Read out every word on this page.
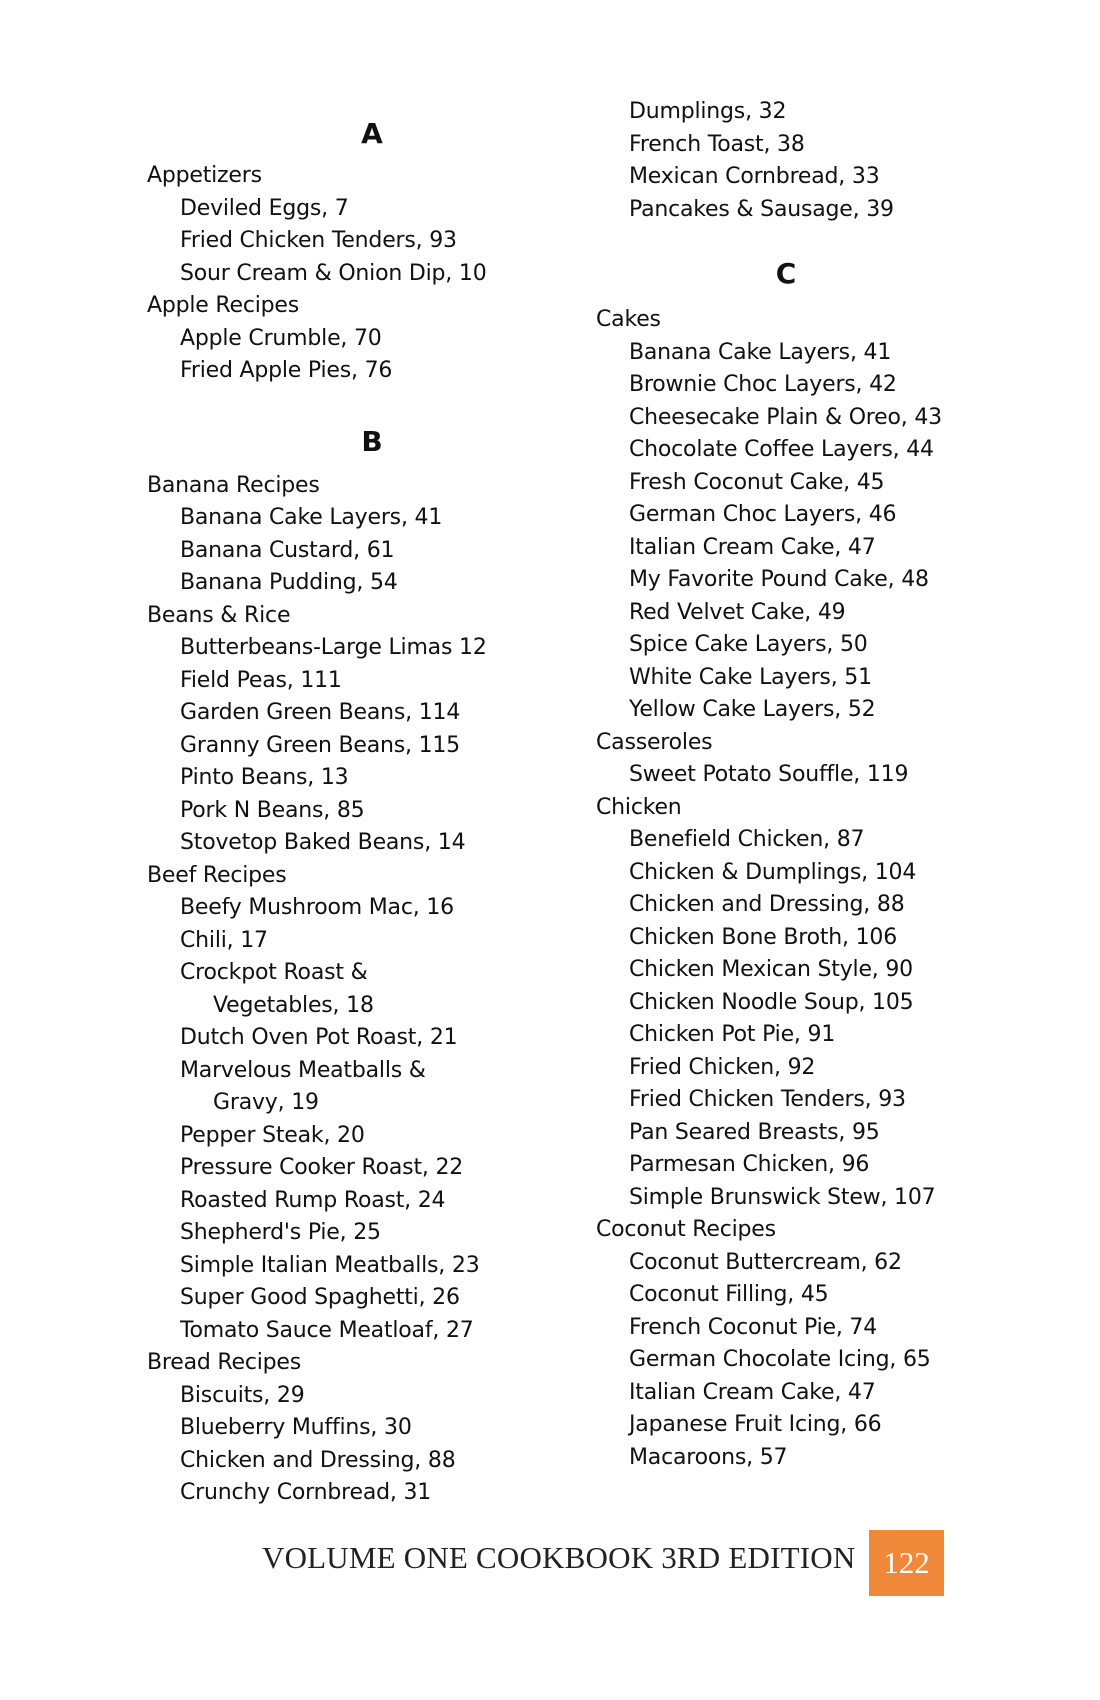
A
Appetizers
Deviled Eggs, 7
Fried Chicken Tenders, 93
Sour Cream & Onion Dip, 10
Apple Recipes
Apple Crumble, 70
Fried Apple Pies, 76
B
Banana Recipes
Banana Cake Layers, 41
Banana Custard, 61
Banana Pudding, 54
Beans & Rice
Butterbeans-Large Limas 12
Field Peas, 111
Garden Green Beans, 114
Granny Green Beans, 115
Pinto Beans, 13
Pork N Beans, 85
Stovetop Baked Beans, 14
Beef Recipes
Beefy Mushroom Mac, 16
Chili, 17
Crockpot Roast &
Vegetables, 18
Dutch Oven Pot Roast, 21
Marvelous Meatballs &
Gravy, 19
Pepper Steak, 20
Pressure Cooker Roast, 22
Roasted Rump Roast, 24
Shepherd's Pie, 25
Simple Italian Meatballs, 23
Super Good Spaghetti, 26
Tomato Sauce Meatloaf, 27
Bread Recipes
Biscuits, 29
Blueberry Muffins, 30
Chicken and Dressing, 88
Crunchy Cornbread, 31
Dumplings, 32
French Toast, 38
Mexican Cornbread, 33
Pancakes & Sausage, 39
C
Cakes
Banana Cake Layers, 41
Brownie Choc Layers, 42
Cheesecake Plain & Oreo, 43
Chocolate Coffee Layers, 44
Fresh Coconut Cake, 45
German Choc Layers, 46
Italian Cream Cake, 47
My Favorite Pound Cake, 48
Red Velvet Cake, 49
Spice Cake Layers, 50
White Cake Layers, 51
Yellow Cake Layers, 52
Casseroles
Sweet Potato Souffle, 119
Chicken
Benefield Chicken, 87
Chicken & Dumplings, 104
Chicken and Dressing, 88
Chicken Bone Broth, 106
Chicken Mexican Style, 90
Chicken Noodle Soup, 105
Chicken Pot Pie, 91
Fried Chicken, 92
Fried Chicken Tenders, 93
Pan Seared Breasts, 95
Parmesan Chicken, 96
Simple Brunswick Stew, 107
Coconut Recipes
Coconut Buttercream, 62
Coconut Filling, 45
French Coconut Pie, 74
German Chocolate Icing, 65
Italian Cream Cake, 47
Japanese Fruit Icing, 66
Macaroons, 57
VOLUME ONE COOKBOOK 3RD EDITION 122
